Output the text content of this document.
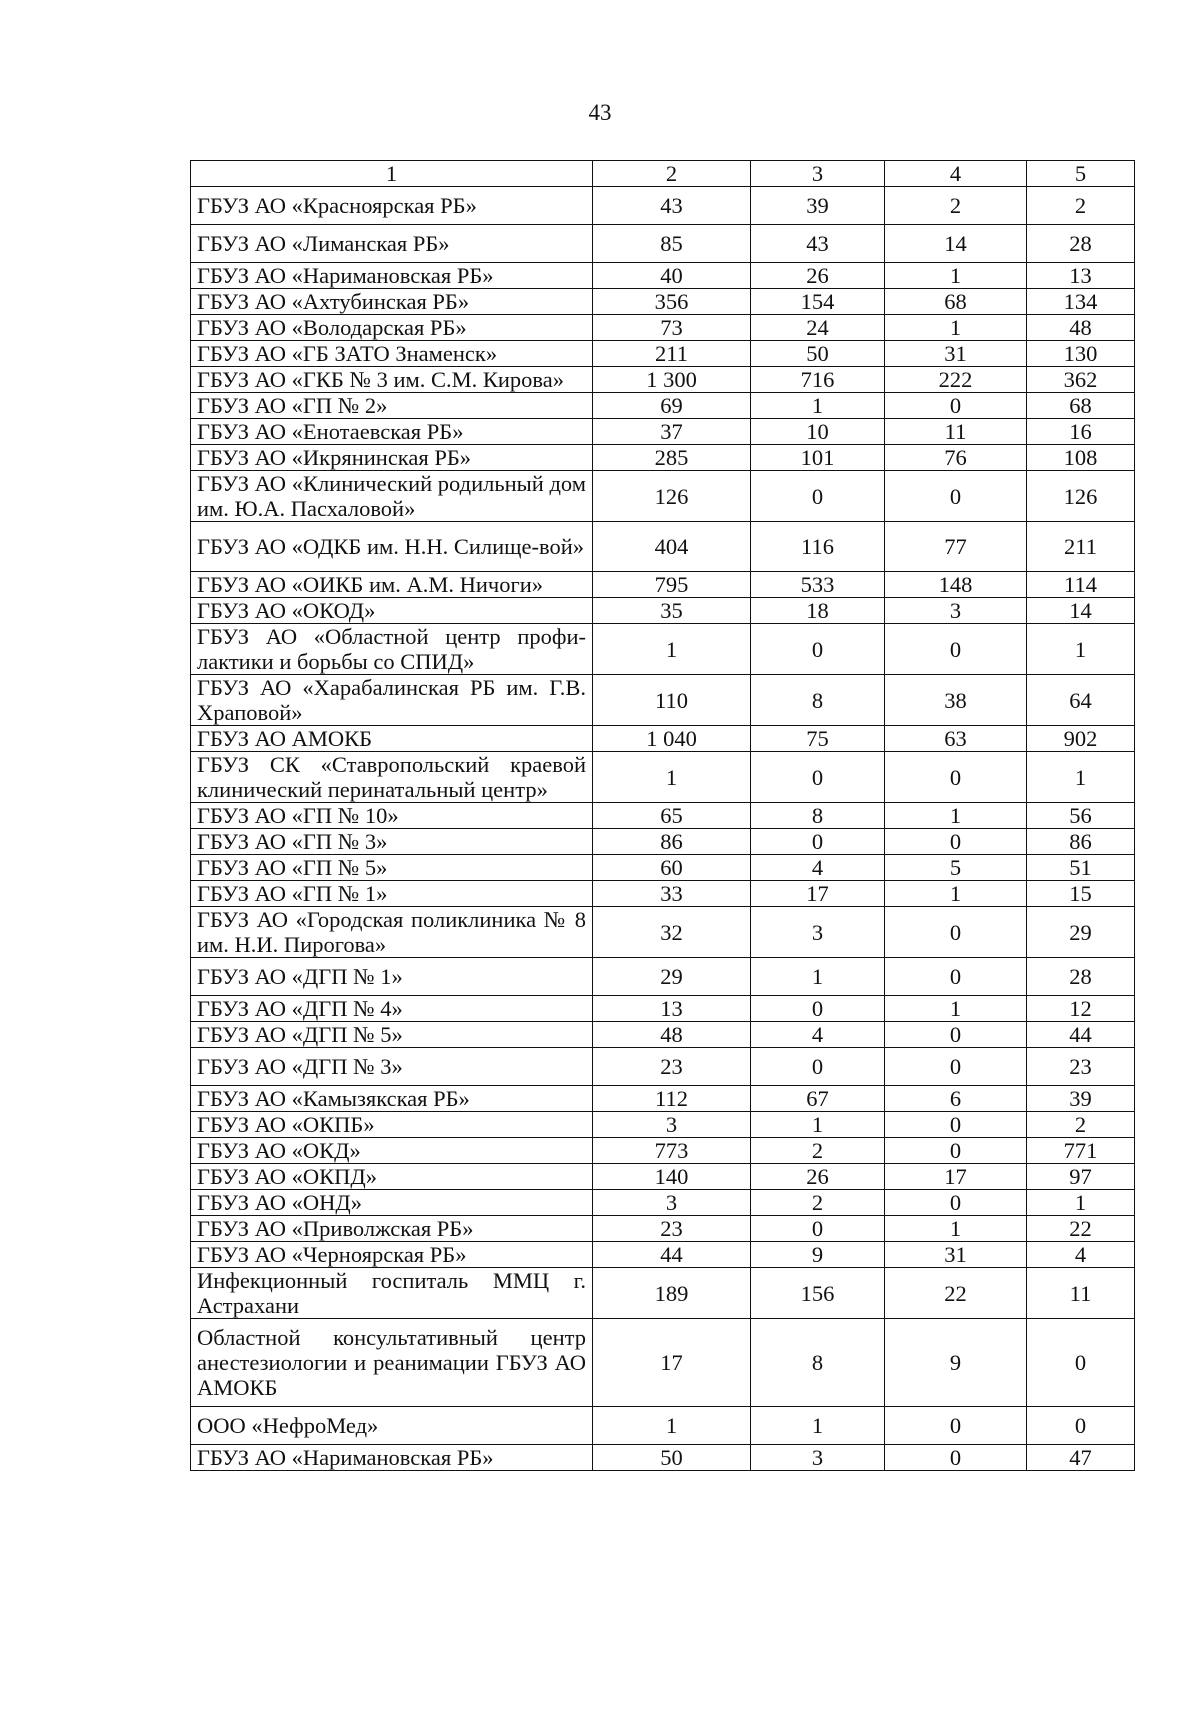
43
1	2	3	4	5
ГБУЗ АО «Красноярская РБ»	43	39	2	2
ГБУЗ АО «Лиманская РБ»	85	43	14	28
ГБУЗ АО «Наримановская РБ»	40	26	1	13
ГБУЗ АО «Ахтубинская РБ»	356	154	68	134
ГБУЗ АО «Володарская РБ»	73	24	1	48
ГБУЗ АО «ГБ ЗАТО Знаменск»	211	50	31	130
ГБУЗ АО «ГКБ № 3 им. С.М. Кирова»	1 300	716	222	362
ГБУЗ АО «ГП № 2»	69	1	0	68
ГБУЗ АО «Енотаевская РБ»	37	10	11	16
ГБУЗ АО «Икрянинская РБ»	285	101	76	108
ГБУЗ АО «Клинический родильный дом им. Ю.А. Пасхаловой»	126	0	0	126
ГБУЗ АО «ОДКБ им. Н.Н. Силище-вой»	404	116	77	211
ГБУЗ АО «ОИКБ им. А.М. Ничоги»	795	533	148	114
ГБУЗ АО «ОКОД»	35	18	3	14
ГБУЗ АО «Областной центр профи-лактики и борьбы со СПИД»	1	0	0	1
ГБУЗ АО «Харабалинская РБ им. Г.В. Храповой»	110	8	38	64
ГБУЗ АО АМОКБ	1 040	75	63	902
ГБУЗ СК «Ставропольский краевой клинический перинатальный центр»	1	0	0	1
ГБУЗ АО «ГП № 10»	65	8	1	56
ГБУЗ АО «ГП № 3»	86	0	0	86
ГБУЗ АО «ГП № 5»	60	4	5	51
ГБУЗ АО «ГП № 1»	33	17	1	15
ГБУЗ АО «Городская поликлиника № 8 им. Н.И. Пирогова»	32	3	0	29
ГБУЗ АО «ДГП № 1»	29	1	0	28
ГБУЗ АО «ДГП № 4»	13	0	1	12
ГБУЗ АО «ДГП № 5»	48	4	0	44
ГБУЗ АО «ДГП № 3»	23	0	0	23
ГБУЗ АО «Камызякская РБ»	112	67	6	39
ГБУЗ АО «ОКПБ»	3	1	0	2
ГБУЗ АО «ОКД»	773	2	0	771
ГБУЗ АО «ОКПД»	140	26	17	97
ГБУЗ АО «ОНД»	3	2	0	1
ГБУЗ АО «Приволжская РБ»	23	0	1	22
ГБУЗ АО «Черноярская РБ»	44	9	31	4
Инфекционный госпиталь ММЦ г. Астрахани	189	156	22	11
Областной консультативный центр анестезиологии и реанимации ГБУЗ АО АМОКБ	17	8	9	0
ООО «НефроМед»	1	1	0	0
ГБУЗ АО «Наримановская РБ»	50	3	0	47
